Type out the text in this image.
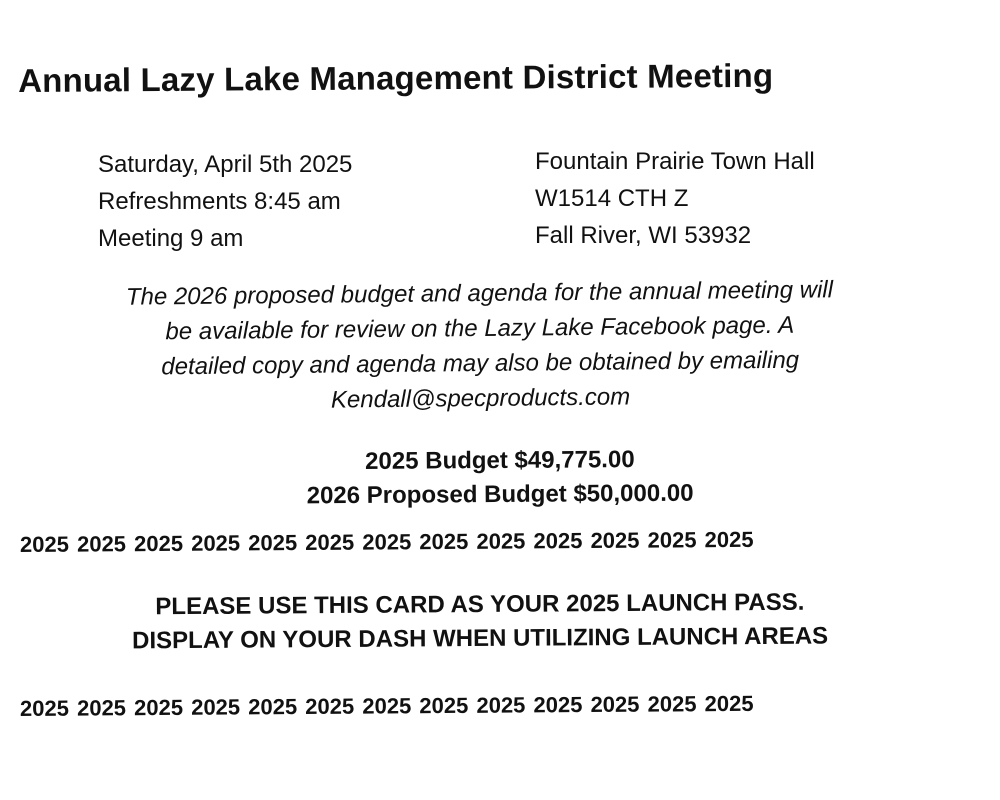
Annual Lazy Lake Management District Meeting
Saturday, April 5th 2025
Refreshments 8:45 am
Meeting 9 am
Fountain Prairie Town Hall
W1514 CTH Z
Fall River, WI 53932
The 2026 proposed budget and agenda for the annual meeting will
be available for review on the Lazy Lake Facebook page. A
detailed copy and agenda may also be obtained by emailing
Kendall@specproducts.com
2025 Budget $49,775.00
2026 Proposed Budget $50,000.00
2025 2025 2025 2025 2025 2025 2025 2025 2025 2025 2025 2025 2025
PLEASE USE THIS CARD AS YOUR 2025 LAUNCH PASS.
DISPLAY ON YOUR DASH WHEN UTILIZING LAUNCH AREAS
2025 2025 2025 2025 2025 2025 2025 2025 2025 2025 2025 2025 2025
